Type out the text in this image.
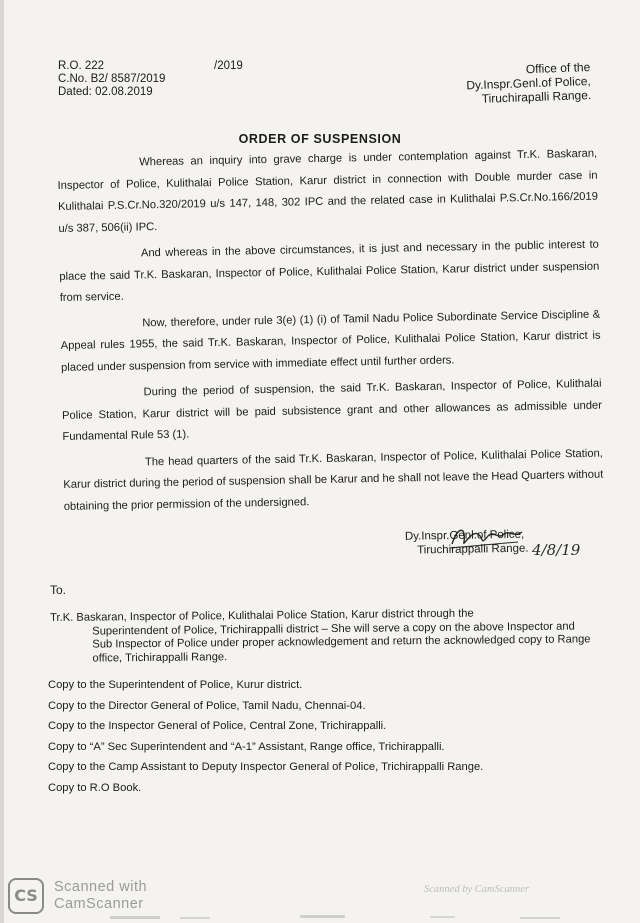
R.O. 222	/2019
C.No. B2/ 8587/2019
Dated: 02.08.2019
Office of the
Dy.Inspr.Genl.of Police,
Tiruchirapalli Range.
ORDER OF SUSPENSION

Whereas an inquiry into grave charge is under contemplation against Tr.K. Baskaran, Inspector of Police, Kulithalai Police Station, Karur district in connection with Double murder case in Kulithalai P.S.Cr.No.320/2019 u/s 147, 148, 302 IPC and the related case in Kulithalai P.S.Cr.No.166/2019 u/s 387, 506(ii) IPC.

And whereas in the above circumstances, it is just and necessary in the public interest to place the said Tr.K. Baskaran, Inspector of Police, Kulithalai Police Station, Karur district under suspension from service.

Now, therefore, under rule 3(e) (1) (i) of Tamil Nadu Police Subordinate Service Discipline & Appeal rules 1955, the said Tr.K. Baskaran, Inspector of Police, Kulithalai Police Station, Karur district is placed under suspension from service with immediate effect until further orders.

During the period of suspension, the said Tr.K. Baskaran, Inspector of Police, Kulithalai Police Station, Karur district will be paid subsistence grant and other allowances as admissible under Fundamental Rule 53 (1).

The head quarters of the said Tr.K. Baskaran, Inspector of Police, Kulithalai Police Station, Karur district during the period of suspension shall be Karur and he shall not leave the Head Quarters without obtaining the prior permission of the undersigned.

4/8/19
Dy.Inspr.Genl.of Police,
Tiruchirappalli Range.
To.

Tr.K. Baskaran, Inspector of Police, Kulithalai Police Station, Karur district through the

Superintendent of Police, Trichirappalli district – She will serve a copy on the above Inspector and Sub Inspector of Police under proper acknowledgement and return the acknowledged copy to Range office, Trichirappalli Range.

Copy to the Superintendent of Police, Kurur district.
Copy to the Director General of Police, Tamil Nadu, Chennai-04.
Copy to the Inspector General of Police, Central Zone, Trichirappalli.
Copy to “A” Sec Superintendent and “A-1” Assistant, Range office, Trichirappalli.
Copy to the Camp Assistant to Deputy Inspector General of Police, Trichirappalli Range.
Copy to R.O Book.
CS	Scanned with
CamScanner
Scanned by CamScanner
